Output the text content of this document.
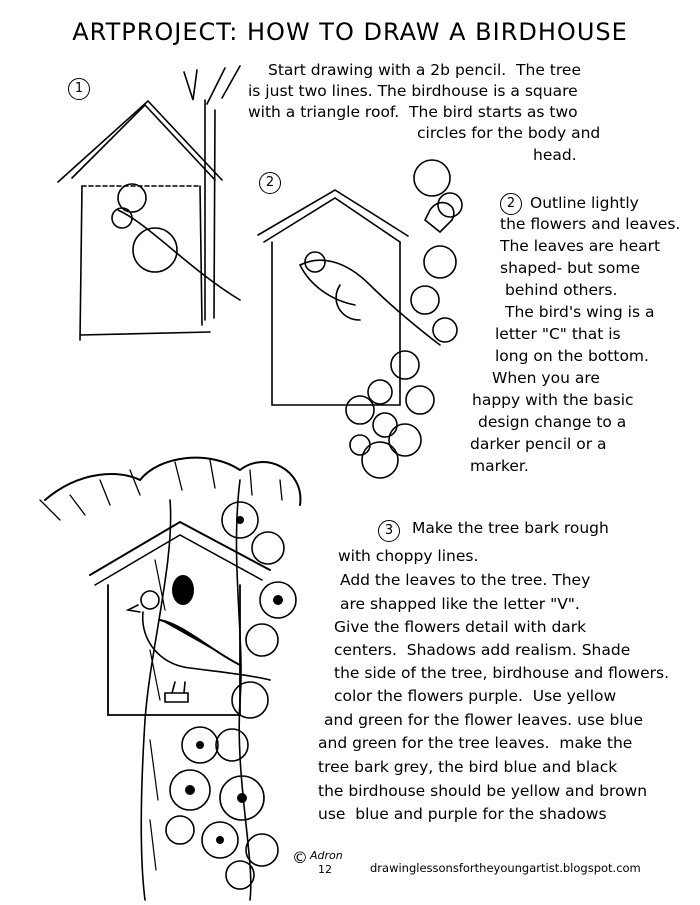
ARTPROJECT: HOW TO DRAW A BIRDHOUSE
1
Start drawing with a 2b pencil.  The tree
is just two lines. The birdhouse is a square
with a triangle roof.  The bird starts as two
circles for the body and
head.
2
2 Outline lightly
the flowers and leaves.
The leaves are heart
shaped- but some
behind others.
The bird's wing is a
letter "C" that is
long on the bottom.
When you are
happy with the basic
design change to a
darker pencil or a
marker.
3	Make the tree bark rough
with choppy lines.
Add the leaves to the tree. They
are shapped like the letter "V".
Give the flowers detail with dark
centers.  Shadows add realism. Shade
the side of the tree, birdhouse and flowers.
color the flowers purple.  Use yellow
and green for the flower leaves. use blue
and green for the tree leaves.  make the
tree bark grey, the bird blue and black
the birdhouse should be yellow and brown
use  blue and purple for the shadows
© Adron
12	drawinglessonsfortheyoungartist.blogspot.com
